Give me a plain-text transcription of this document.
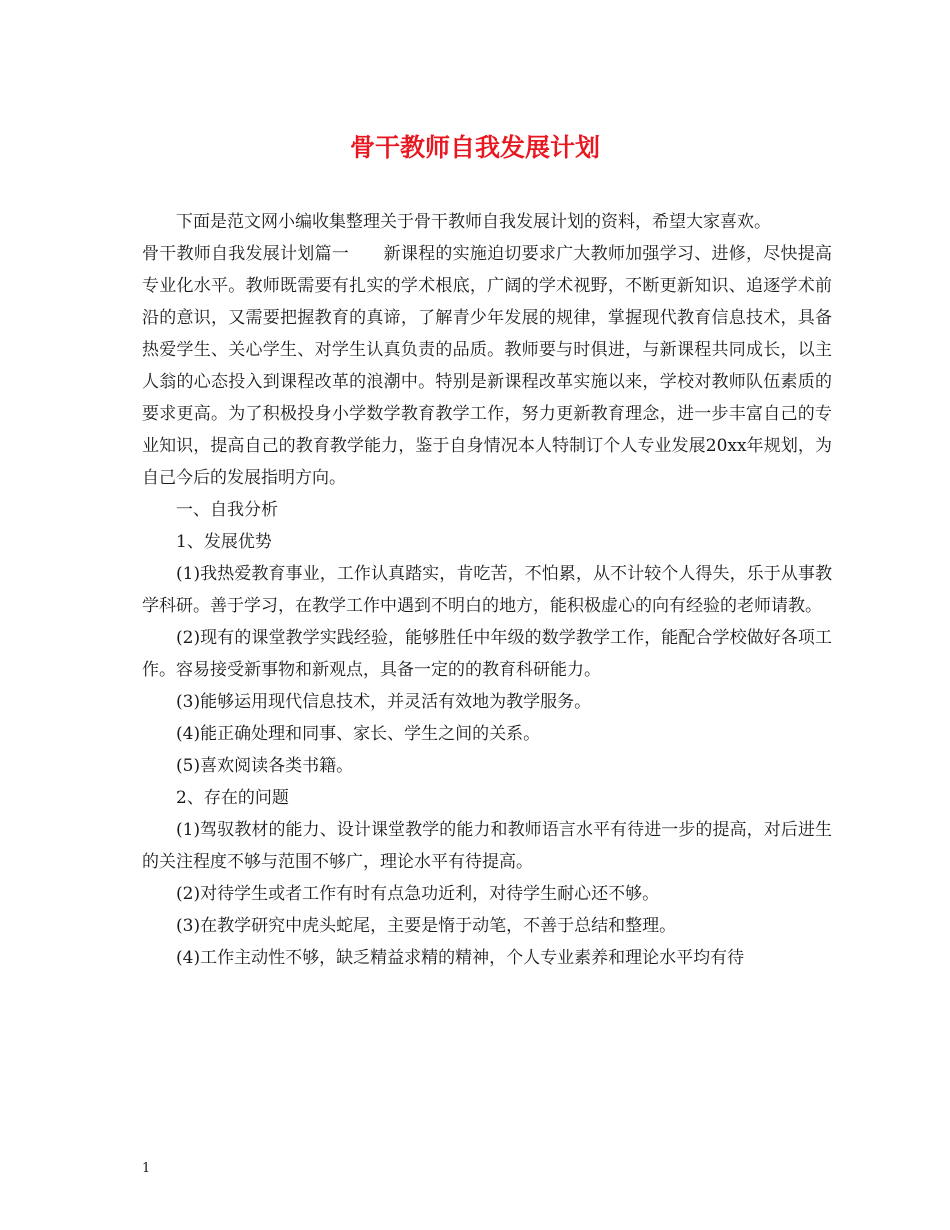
骨干教师自我发展计划

下面是范文网小编收集整理关于骨干教师自我发展计划的资料，希望大家喜欢。

骨干教师自我发展计划篇一　　新课程的实施迫切要求广大教师加强学习、进修，尽快提高专业化水平。教师既需要有扎实的学术根底，广阔的学术视野，不断更新知识、追逐学术前沿的意识，又需要把握教育的真谛，了解青少年发展的规律，掌握现代教育信息技术，具备热爱学生、关心学生、对学生认真负责的品质。教师要与时俱进，与新课程共同成长，以主人翁的心态投入到课程改革的浪潮中。特别是新课程改革实施以来，学校对教师队伍素质的要求更高。为了积极投身小学数学教育教学工作，努力更新教育理念，进一步丰富自己的专业知识，提高自己的教育教学能力，鉴于自身情况本人特制订个人专业发展20xx年规划，为自己今后的发展指明方向。

一、自我分析

1、发展优势

(1)我热爱教育事业，工作认真踏实，肯吃苦，不怕累，从不计较个人得失，乐于从事教学科研。善于学习，在教学工作中遇到不明白的地方，能积极虚心的向有经验的老师请教。

(2)现有的课堂教学实践经验，能够胜任中年级的数学教学工作，能配合学校做好各项工作。容易接受新事物和新观点，具备一定的的教育科研能力。

(3)能够运用现代信息技术，并灵活有效地为教学服务。

(4)能正确处理和同事、家长、学生之间的关系。

(5)喜欢阅读各类书籍。

2、存在的问题

(1)驾驭教材的能力、设计课堂教学的能力和教师语言水平有待进一步的提高，对后进生的关注程度不够与范围不够广，理论水平有待提高。

(2)对待学生或者工作有时有点急功近利，对待学生耐心还不够。

(3)在教学研究中虎头蛇尾，主要是惰于动笔，不善于总结和整理。

(4)工作主动性不够，缺乏精益求精的精神，个人专业素养和理论水平均有待

1
